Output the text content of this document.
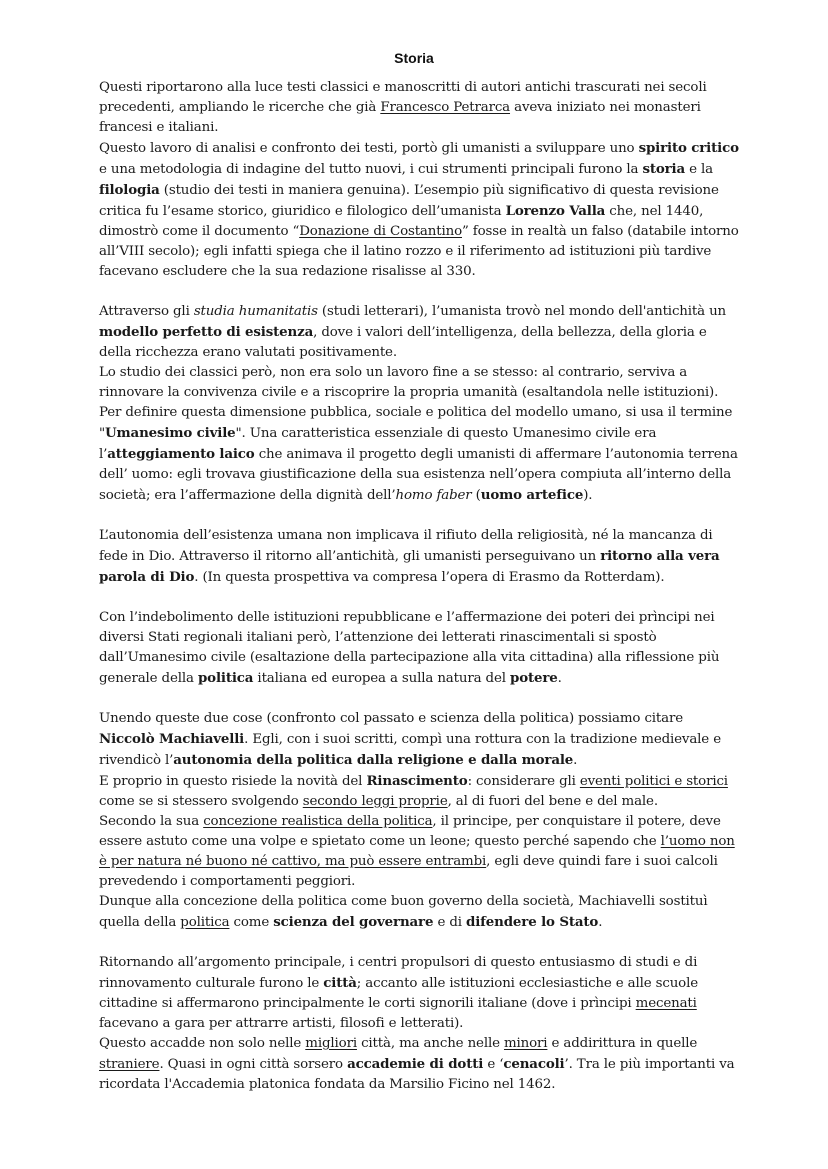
Storia

Questi riportarono alla luce testi classici e manoscritti di autori antichi trascurati nei secoli precedenti, ampliando le ricerche che già Francesco Petrarca aveva iniziato nei monasteri francesi e italiani.

Questo lavoro di analisi e confronto dei testi, portò gli umanisti a sviluppare uno spirito critico e una metodologia di indagine del tutto nuovi, i cui strumenti principali furono la storia e la filologia (studio dei testi in maniera genuina). L’esempio più significativo di questa revisione critica fu l’esame storico, giuridico e filologico dell’umanista Lorenzo Valla che, nel 1440, dimostrò come il documento “Donazione di Costantino” fosse in realtà un falso (databile intorno all’VIII secolo); egli infatti spiega che il latino rozzo e il riferimento ad istituzioni più tardive facevano escludere che la sua redazione risalisse al 330.

Attraverso gli studia humanitatis (studi letterari), l’umanista trovò nel mondo dell'antichità un modello perfetto di esistenza, dove i valori dell’intelligenza, della bellezza, della gloria e della ricchezza erano valutati positivamente.

Lo studio dei classici però, non era solo un lavoro fine a se stesso: al contrario, serviva a rinnovare la convivenza civile e a riscoprire la propria umanità (esaltandola nelle istituzioni). Per definire questa dimensione pubblica, sociale e politica del modello umano, si usa il termine "Umanesimo civile". Una caratteristica essenziale di questo Umanesimo civile era l’atteggiamento laico che animava il progetto degli umanisti di affermare l’autonomia terrena dell’ uomo: egli trovava giustificazione della sua esistenza nell’opera compiuta all’interno della società; era l’affermazione della dignità dell’homo faber (uomo artefice).

L’autonomia dell’esistenza umana non implicava il rifiuto della religiosità, né la mancanza di fede in Dio. Attraverso il ritorno all’antichità, gli umanisti perseguivano un ritorno alla vera parola di Dio. (In questa prospettiva va compresa l’opera di Erasmo da Rotterdam).

Con l’indebolimento delle istituzioni repubblicane e l’affermazione dei poteri dei prìncipi nei diversi Stati regionali italiani però, l’attenzione dei letterati rinascimentali si spostò dall’Umanesimo civile (esaltazione della partecipazione alla vita cittadina) alla riflessione più generale della politica italiana ed europea a sulla natura del potere.

Unendo queste due cose (confronto col passato e scienza della politica) possiamo citare Niccolò Machiavelli. Egli, con i suoi scritti, compì una rottura con la tradizione medievale e rivendicò l’autonomia della politica dalla religione e dalla morale.

E proprio in questo risiede la novità del Rinascimento: considerare gli eventi politici e storici come se si stessero svolgendo secondo leggi proprie, al di fuori del bene e del male.

Secondo la sua concezione realistica della politica, il principe, per conquistare il potere, deve essere astuto come una volpe e spietato come un leone; questo perché sapendo che l’uomo non è per natura né buono né cattivo, ma può essere entrambi, egli deve quindi fare i suoi calcoli prevedendo i comportamenti peggiori.

Dunque alla concezione della politica come buon governo della società, Machiavelli sostituì quella della politica come scienza del governare e di difendere lo Stato.

Ritornando all’argomento principale, i centri propulsori di questo entusiasmo di studi e di rinnovamento culturale furono le città; accanto alle istituzioni ecclesiastiche e alle scuole cittadine si affermarono principalmente le corti signorili italiane (dove i prìncipi mecenati facevano a gara per attrarre artisti, filosofi e letterati).

Questo accadde non solo nelle migliori città, ma anche nelle minori e addirittura in quelle straniere. Quasi in ogni città sorsero accademie di dotti e ‘cenacoli’. Tra le più importanti va ricordata l'Accademia platonica fondata da Marsilio Ficino nel 1462.
